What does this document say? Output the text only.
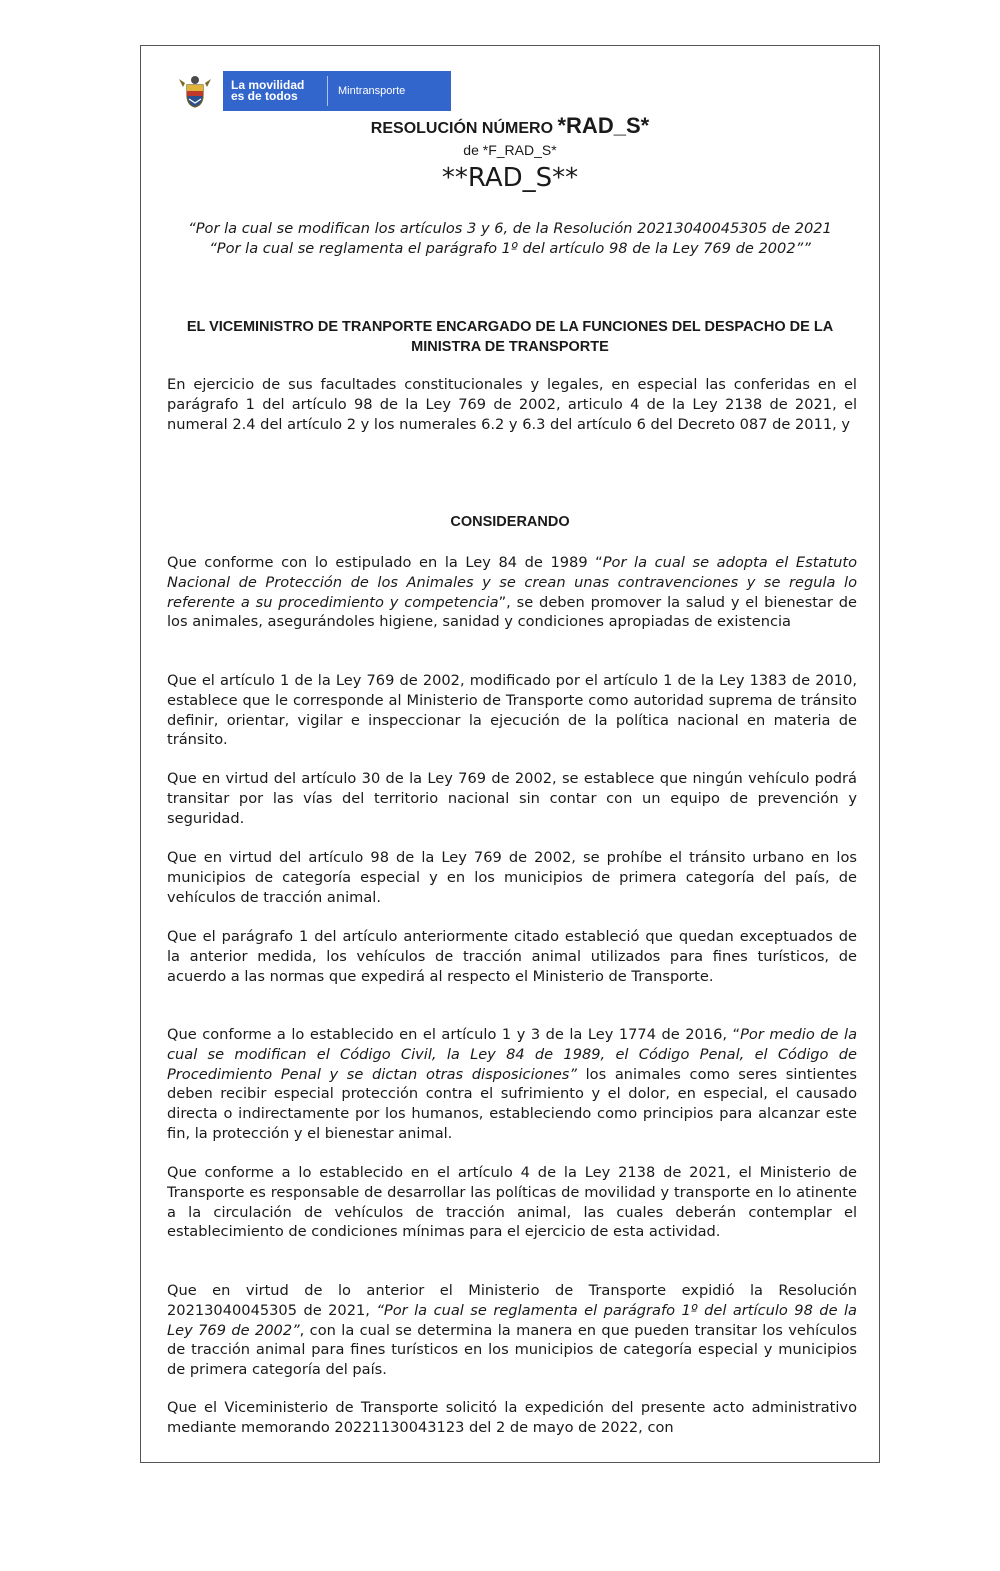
La movilidad
es de todos	Mintransporte
RESOLUCIÓN NÚMERO *RAD_S*
de *F_RAD_S*
**RAD_S**
“Por la cual se modifican los artículos 3 y 6, de la Resolución 20213040045305 de 2021 “Por la cual se reglamenta el parágrafo 1º del artículo 98 de la Ley 769 de 2002””
EL VICEMINISTRO DE TRANPORTE ENCARGADO DE LA FUNCIONES DEL DESPACHO DE LA MINISTRA DE TRANSPORTE
En ejercicio de sus facultades constitucionales y legales, en especial las conferidas en el parágrafo 1 del artículo 98 de la Ley 769 de 2002, articulo 4 de la Ley 2138 de 2021, el numeral 2.4 del artículo 2 y los numerales 6.2 y 6.3 del artículo 6 del Decreto 087 de 2011, y
CONSIDERANDO

Que conforme con lo estipulado en la Ley 84 de 1989 “Por la cual se adopta el Estatuto Nacional de Protección de los Animales y se crean unas contravenciones y se regula lo referente a su procedimiento y competencia”, se deben promover la salud y el bienestar de los animales, asegurándoles higiene, sanidad y condiciones apropiadas de existencia

Que el artículo 1 de la Ley 769 de 2002, modificado por el artículo 1 de la Ley 1383 de 2010, establece que le corresponde al Ministerio de Transporte como autoridad suprema de tránsito definir, orientar, vigilar e inspeccionar la ejecución de la política nacional en materia de tránsito.

Que en virtud del artículo 30 de la Ley 769 de 2002, se establece que ningún vehículo podrá transitar por las vías del territorio nacional sin contar con un equipo de prevención y seguridad.

Que en virtud del artículo 98 de la Ley 769 de 2002, se prohíbe el tránsito urbano en los municipios de categoría especial y en los municipios de primera categoría del país, de vehículos de tracción animal.

Que el parágrafo 1 del artículo anteriormente citado estableció que quedan exceptuados de la anterior medida, los vehículos de tracción animal utilizados para fines turísticos, de acuerdo a las normas que expedirá al respecto el Ministerio de Transporte.

Que conforme a lo establecido en el artículo 1 y 3 de la Ley 1774 de 2016, “Por medio de la cual se modifican el Código Civil, la Ley 84 de 1989, el Código Penal, el Código de Procedimiento Penal y se dictan otras disposiciones” los animales como seres sintientes deben recibir especial protección contra el sufrimiento y el dolor, en especial, el causado directa o indirectamente por los humanos, estableciendo como principios para alcanzar este fin, la protección y el bienestar animal.

Que conforme a lo establecido en el artículo 4 de la Ley 2138 de 2021, el Ministerio de Transporte es responsable de desarrollar las políticas de movilidad y transporte en lo atinente a la circulación de vehículos de tracción animal, las cuales deberán contemplar el establecimiento de condiciones mínimas para el ejercicio de esta actividad.

Que en virtud de lo anterior el Ministerio de Transporte expidió la Resolución 20213040045305 de 2021, “Por la cual se reglamenta el parágrafo 1º del artículo 98 de la Ley 769 de 2002”, con la cual se determina la manera en que pueden transitar los vehículos de tracción animal para fines turísticos en los municipios de categoría especial y municipios de primera categoría del país.

Que el Viceministerio de Transporte solicitó la expedición del presente acto administrativo mediante memorando 20221130043123 del 2 de mayo de 2022, con
